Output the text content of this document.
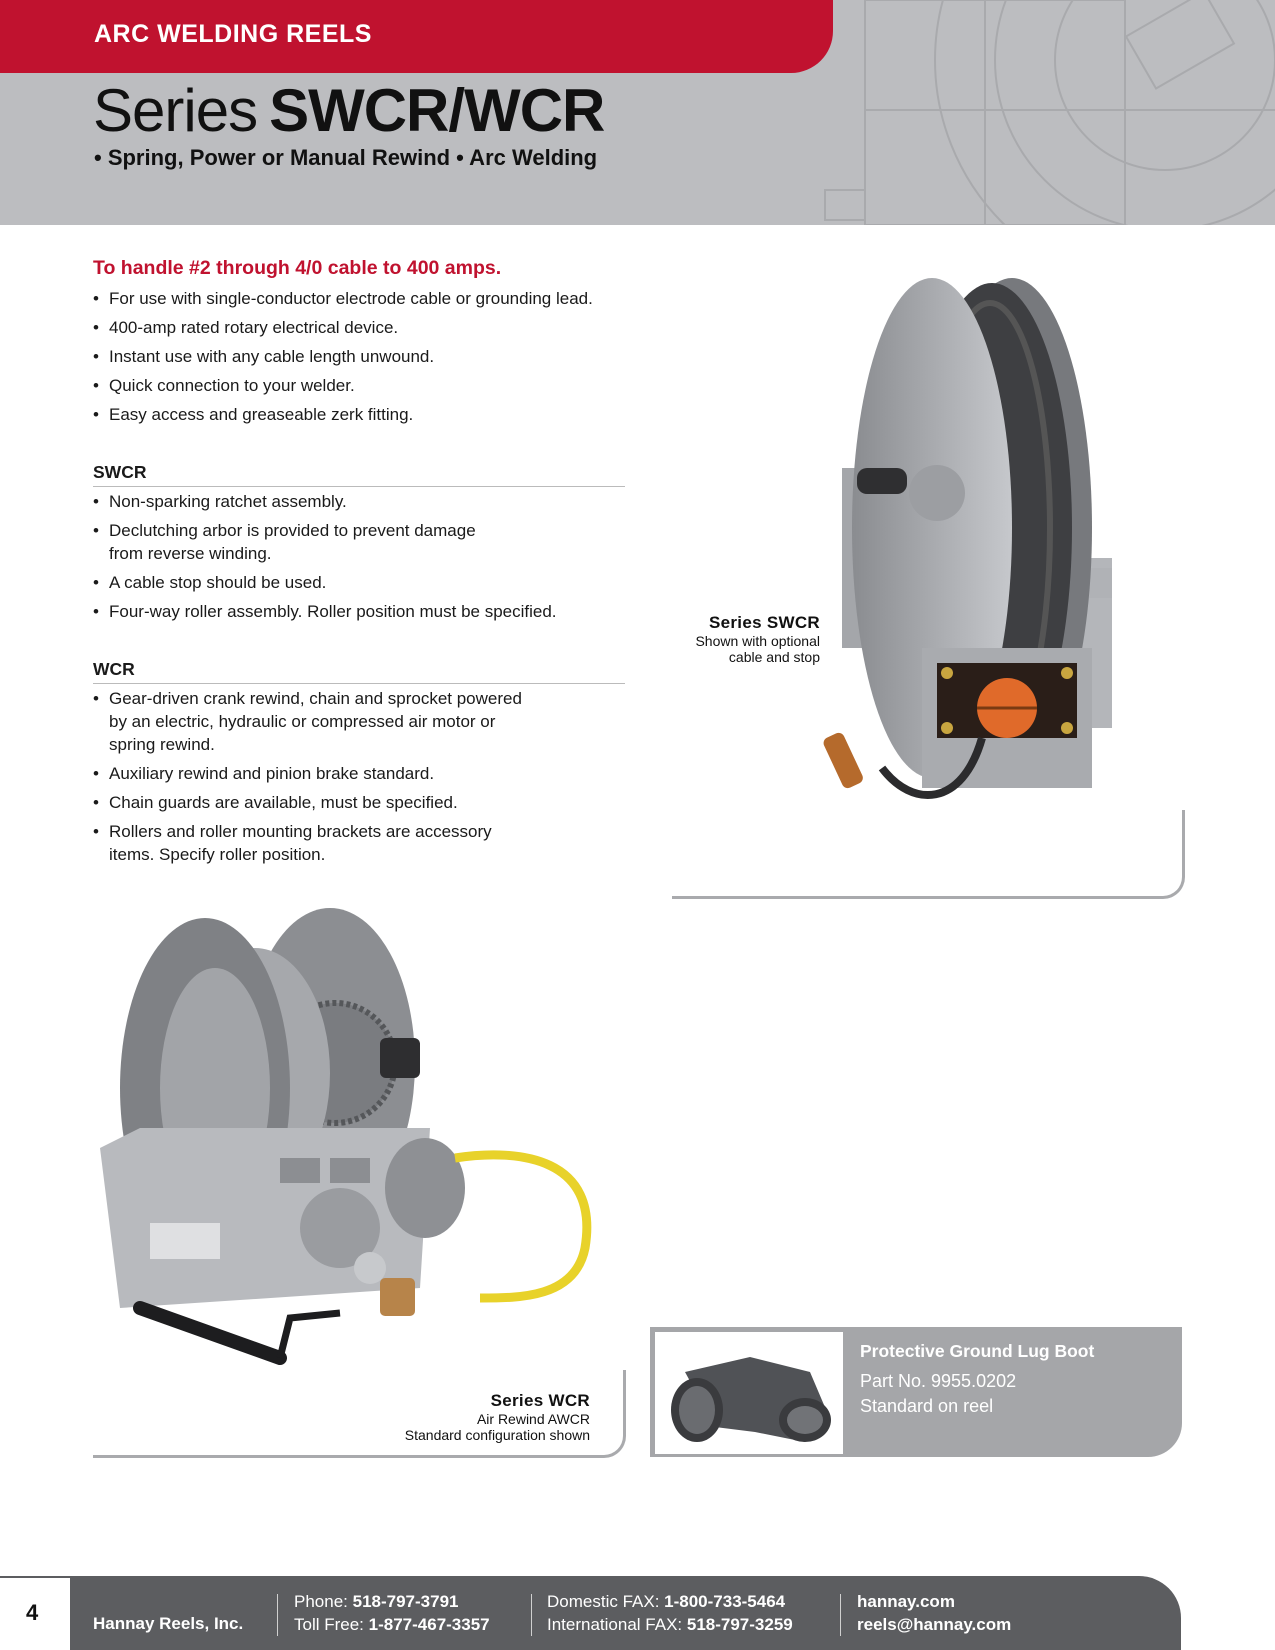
ARC WELDING REELS
Series SWCR/WCR
• Spring, Power or Manual Rewind • Arc Welding
To handle #2 through 4/0 cable to 400 amps.
• For use with single-conductor electrode cable or grounding lead.
• 400-amp rated rotary electrical device.
• Instant use with any cable length unwound.
• Quick connection to your welder.
• Easy access and greaseable zerk fitting.
SWCR
• Non-sparking ratchet assembly.
• Declutching arbor is provided to prevent damage from reverse winding.
• A cable stop should be used.
• Four-way roller assembly. Roller position must be specified.
WCR
• Gear-driven crank rewind, chain and sprocket powered by an electric, hydraulic or compressed air motor or spring rewind.
• Auxiliary rewind and pinion brake standard.
• Chain guards are available, must be specified.
• Rollers and roller mounting brackets are accessory items. Specify roller position.
Series SWCR
Shown with optional
cable and stop
Series WCR
Air Rewind AWCR
Standard configuration shown
Protective Ground Lug Boot
Part No. 9955.0202
Standard on reel
4	Hannay Reels, Inc.
Phone: 518-797-3791
Toll Free: 1-877-467-3357
Domestic FAX: 1-800-733-5464
International FAX: 518-797-3259
hannay.com
reels@hannay.com
